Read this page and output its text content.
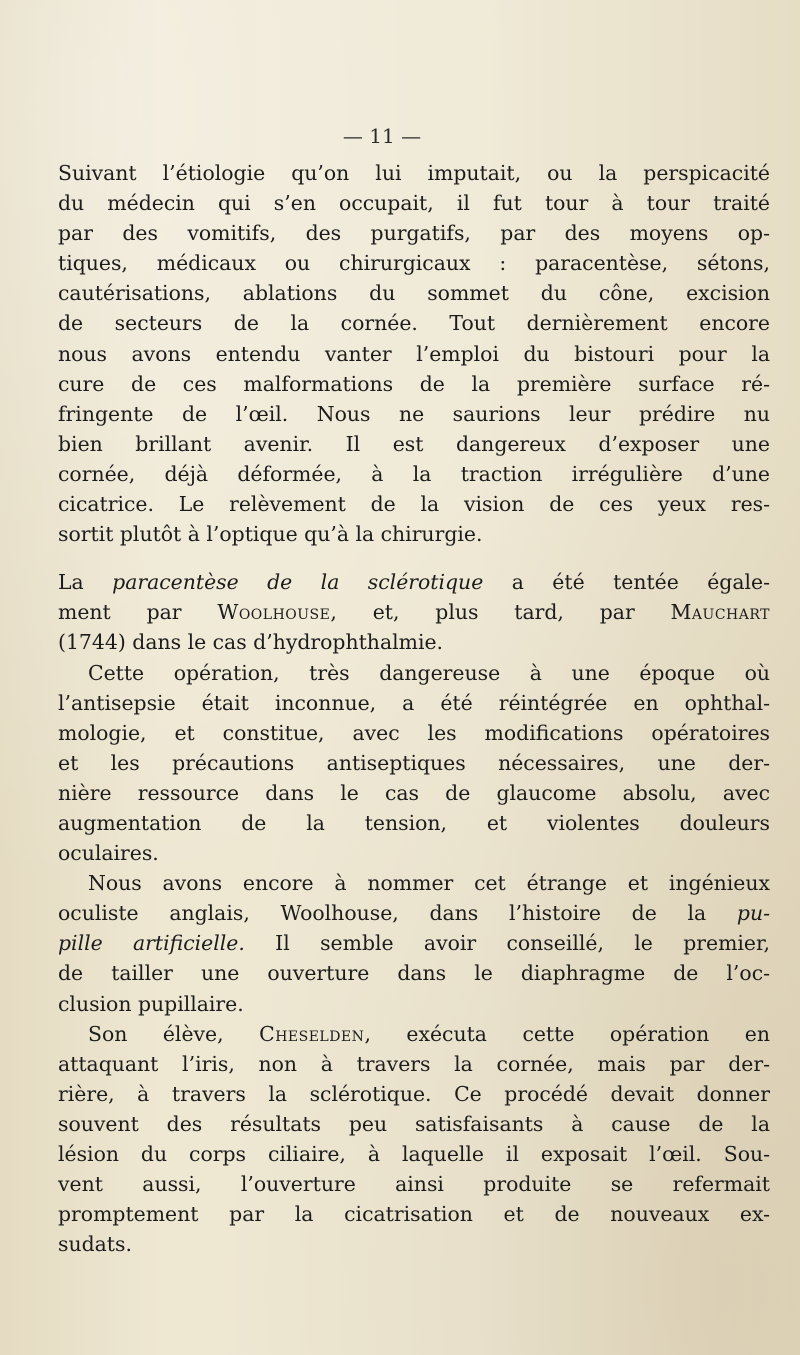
— 11 —
Suivant l’étiologie qu’on lui imputait, ou la perspicacité
du médecin qui s’en occupait, il fut tour à tour traité
par des vomitifs, des purgatifs, par des moyens op-
tiques, médicaux ou chirurgicaux : paracentèse, sétons,
cautérisations, ablations du sommet du cône, excision
de secteurs de la cornée. Tout dernièrement encore
nous avons entendu vanter l’emploi du bistouri pour la
cure de ces malformations de la première surface ré-
fringente de l’œil. Nous ne saurions leur prédire nu
bien brillant avenir. Il est dangereux d’exposer une
cornée, déjà déformée, à la traction irrégulière d’une
cicatrice. Le relèvement de la vision de ces yeux res-
sortit plutôt à l’optique qu’à la chirurgie.
La paracentèse de la sclérotique a été tentée égale-
ment par Woolhouse, et, plus tard, par Mauchart
(1744) dans le cas d’hydrophthalmie.
Cette opération, très dangereuse à une époque où
l’antisepsie était inconnue, a été réintégrée en ophthal-
mologie, et constitue, avec les modifications opératoires
et les précautions antiseptiques nécessaires, une der-
nière ressource dans le cas de glaucome absolu, avec
augmentation de la tension, et violentes douleurs
oculaires.
Nous avons encore à nommer cet étrange et ingénieux
oculiste anglais, Woolhouse, dans l’histoire de la pu-
pille artificielle. Il semble avoir conseillé, le premier,
de tailler une ouverture dans le diaphragme de l’oc-
clusion pupillaire.
Son élève, Cheselden, exécuta cette opération en
attaquant l’iris, non à travers la cornée, mais par der-
rière, à travers la sclérotique. Ce procédé devait donner
souvent des résultats peu satisfaisants à cause de la
lésion du corps ciliaire, à laquelle il exposait l’œil. Sou-
vent aussi, l’ouverture ainsi produite se refermait
promptement par la cicatrisation et de nouveaux ex-
sudats.
